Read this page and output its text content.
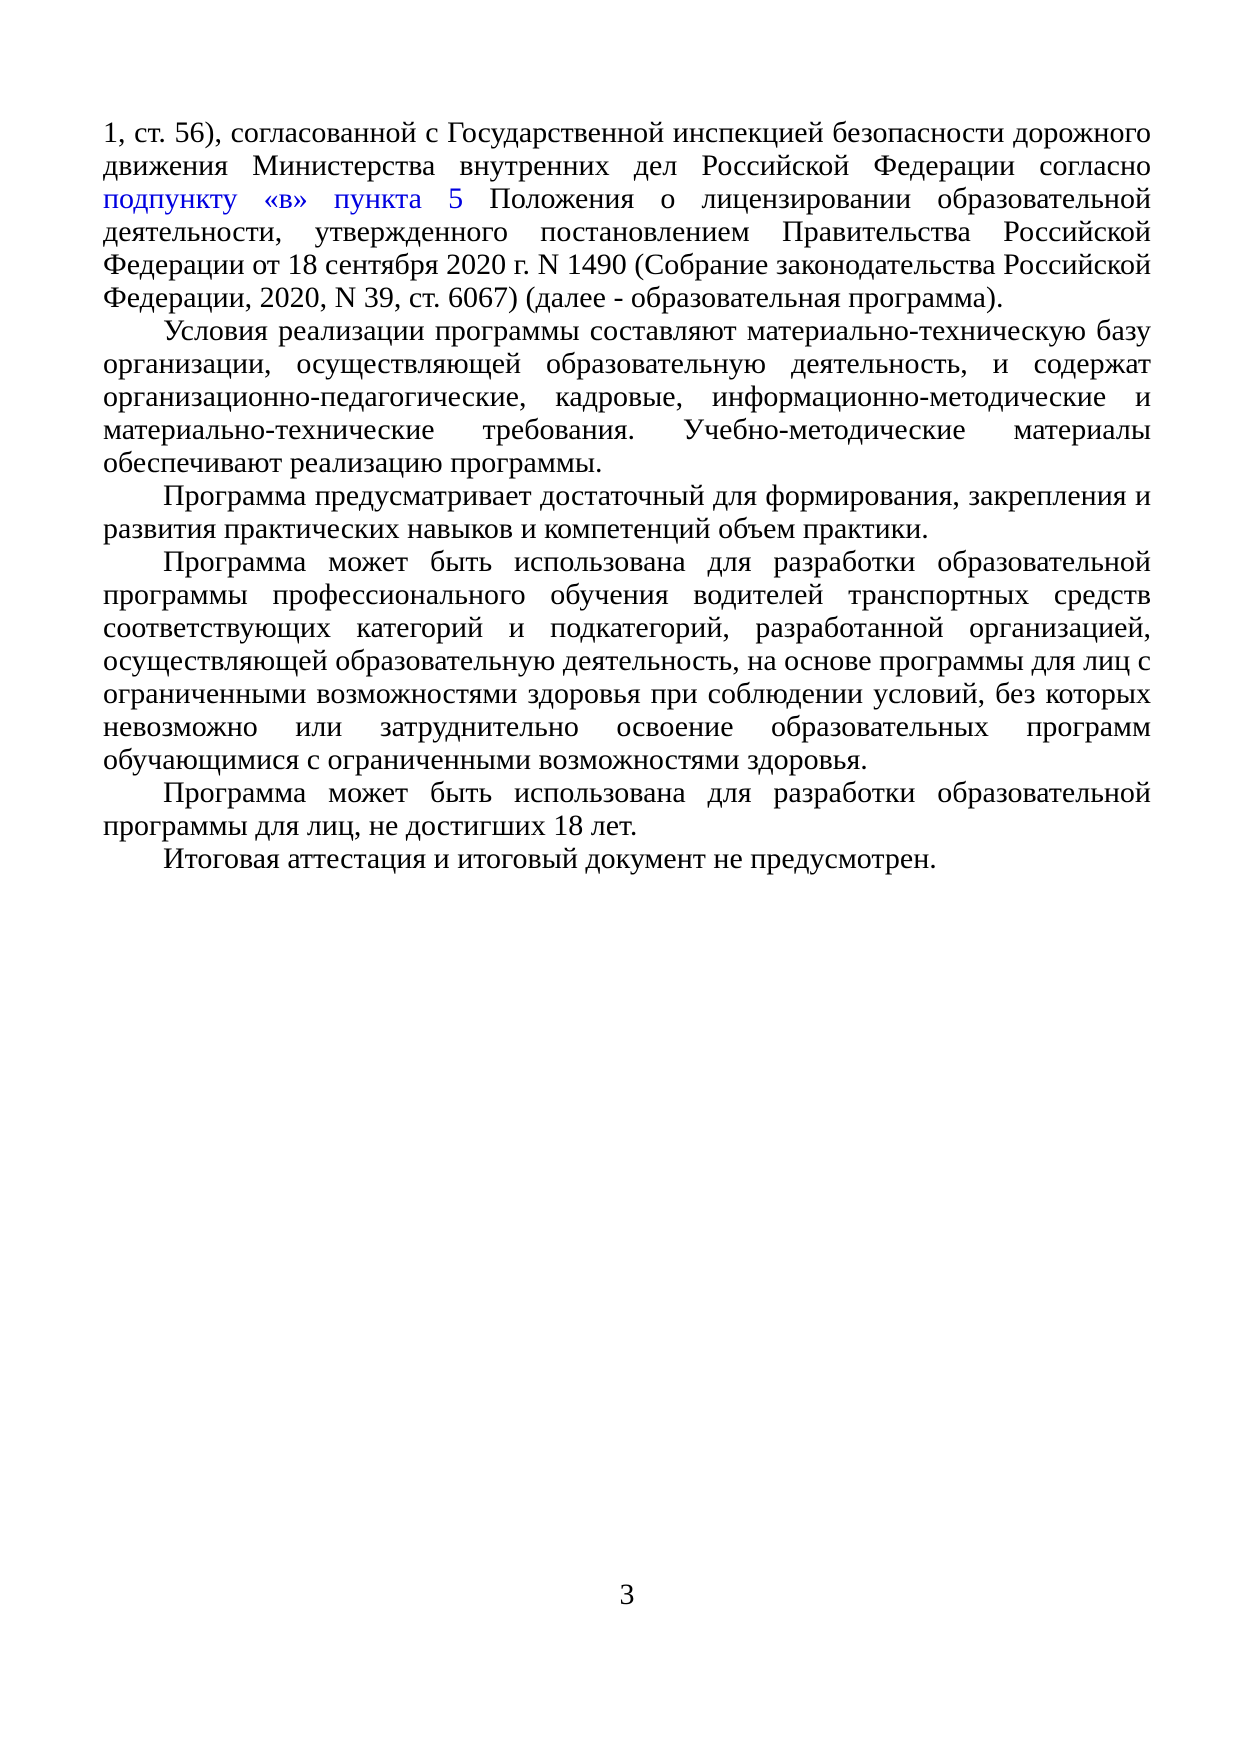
1, ст. 56), согласованной с Государственной инспекцией безопасности дорожного движения Министерства внутренних дел Российской Федерации согласно подпункту «в» пункта 5 Положения о лицензировании образовательной деятельности, утвержденного постановлением Правительства Российской Федерации от 18 сентября 2020 г. N 1490 (Собрание законодательства Российской Федерации, 2020, N 39, ст. 6067) (далее - образовательная программа).

Условия реализации программы составляют материально-техническую базу организации, осуществляющей образовательную деятельность, и содержат организационно-педагогические, кадровые, информационно-методические и материально-технические требования. Учебно-методические материалы обеспечивают реализацию программы.

Программа предусматривает достаточный для формирования, закрепления и развития практических навыков и компетенций объем практики.

Программа может быть использована для разработки образовательной программы профессионального обучения водителей транспортных средств соответствующих категорий и подкатегорий, разработанной организацией, осуществляющей образовательную деятельность, на основе программы для лиц с ограниченными возможностями здоровья при соблюдении условий, без которых невозможно или затруднительно освоение образовательных программ обучающимися с ограниченными возможностями здоровья.

Программа может быть использована для разработки образовательной программы для лиц, не достигших 18 лет.

Итоговая аттестация и итоговый документ не предусмотрен.

3
